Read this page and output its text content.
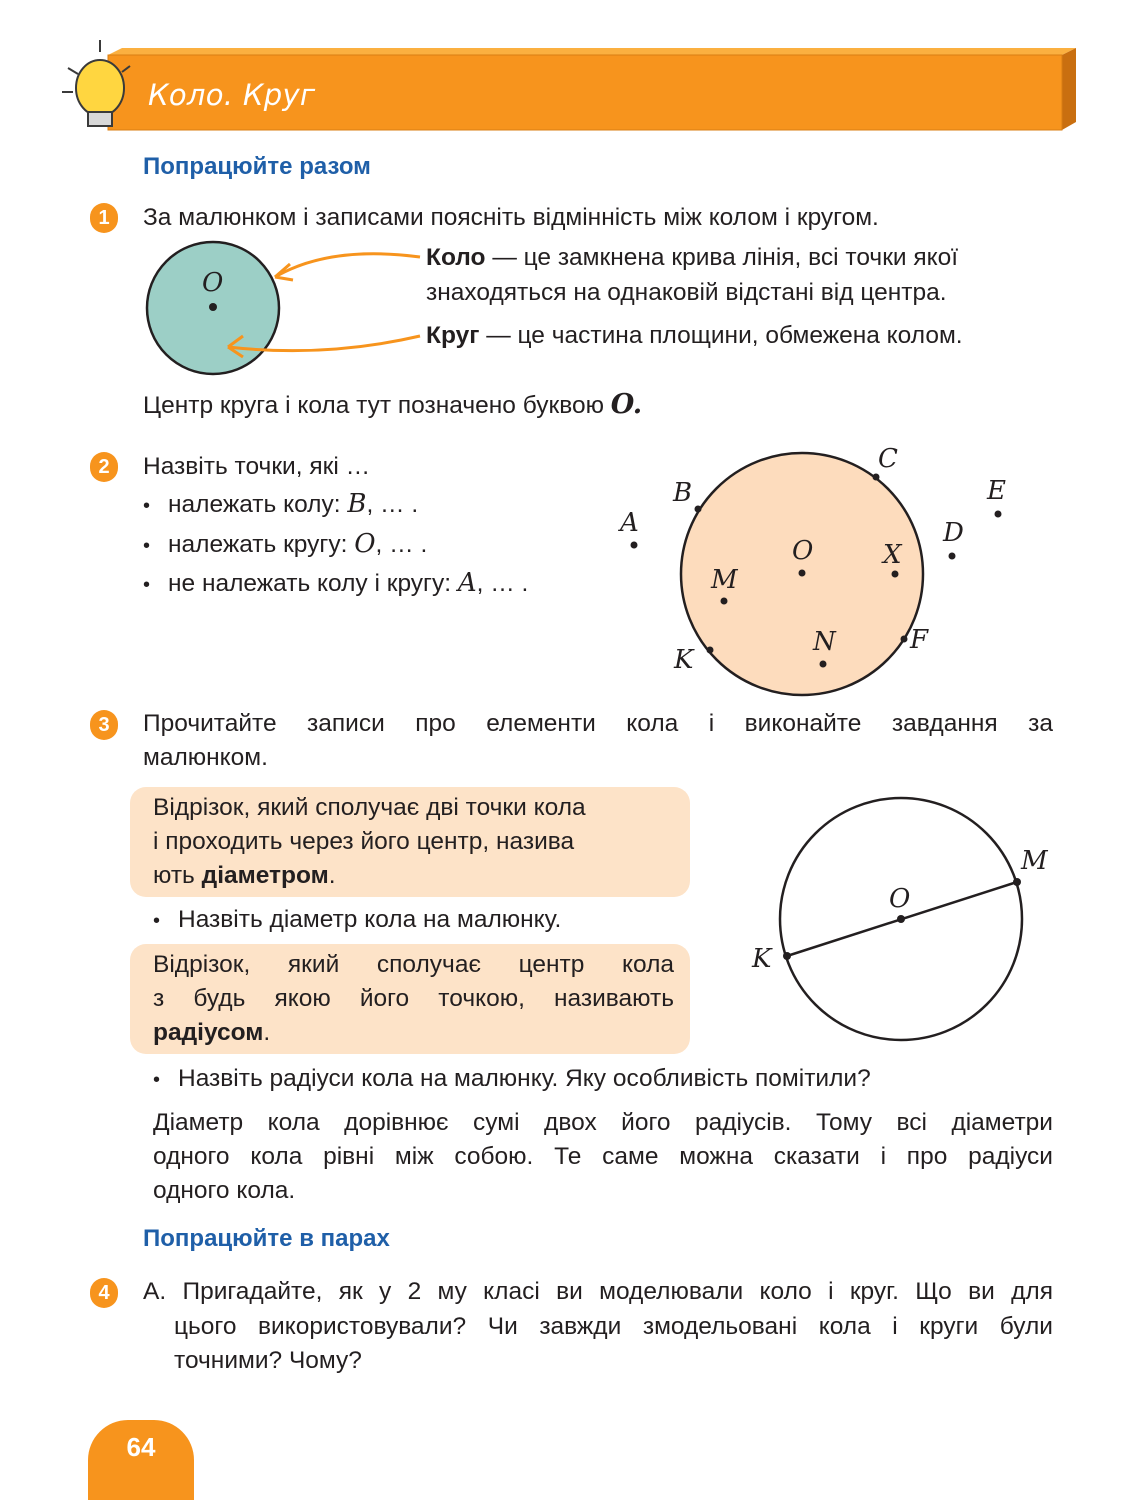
Коло. Круг
Попрацюйте разом
1	За малюнком і записами поясніть відмінність між колом і кругом.
O
Коло — це замкнена крива лінія, всі точки якої
знаходяться на однаковій відстані від центра.
Круг — це частина площини, обмежена колом.
Центр круга і кола тут позначено буквою O.
2	Назвіть точки, які …
• належать колу: B, … .
• належать кругу: O, … .
• не належать колу і кругу: A, … .
A
B
C
D
E
F
K
M
N
O	X
3	Прочитайте записи про елементи кола і виконайте завдання за
малюнком.
Відрізок, який сполучає дві точки кола
і проходить через його центр, назива
ють діаметром.
• Назвіть діаметр кола на малюнку.
Відрізок, який сполучає центр кола
з будь якою його точкою, називають
радіусом.
O
M
K
• Назвіть радіуси кола на малюнку. Яку особливість помітили?
Діаметр кола дорівнює сумі двох його радіусів. Тому всі діаметри
одного кола рівні між собою. Те саме можна сказати і про радіуси
одного кола.
Попрацюйте в парах
4	А. Пригадайте, як у 2 му класі ви моделювали коло і круг. Що ви для
цього використовували? Чи завжди змодельовані кола і круги були
точними? Чому?
64
